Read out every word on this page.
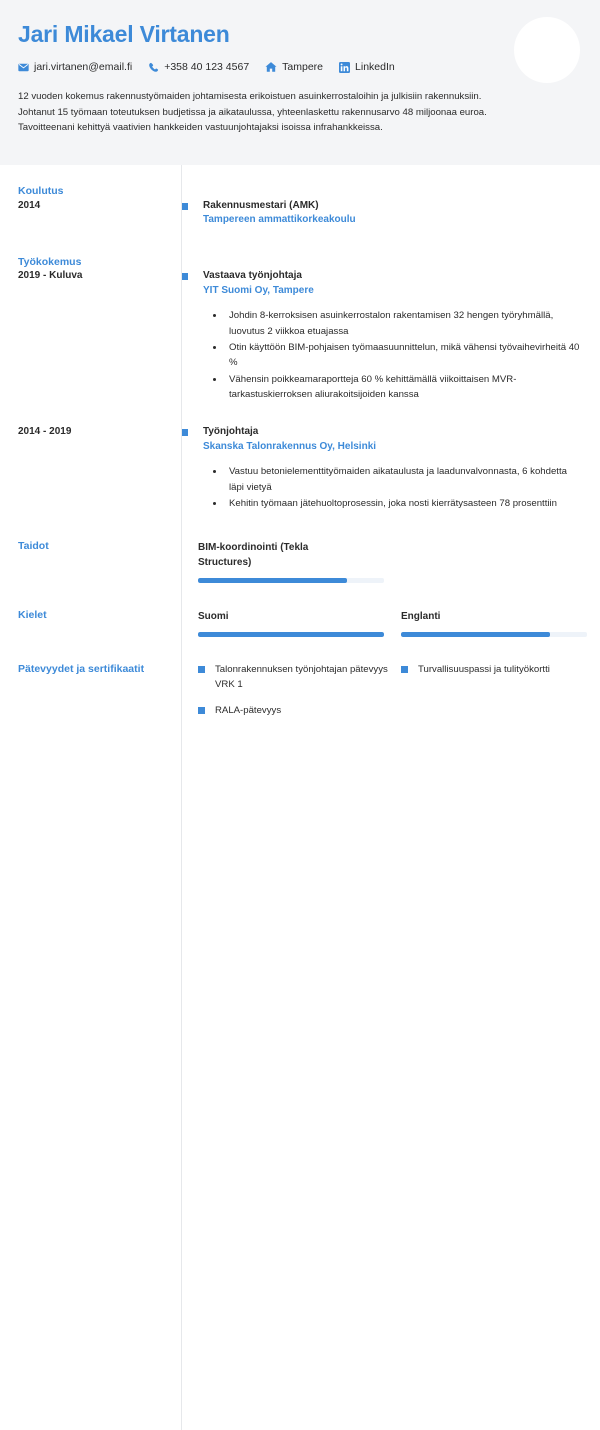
Jari Mikael Virtanen
jari.virtanen@email.fi	+358 40 123 4567	Tampere	LinkedIn
12 vuoden kokemus rakennustyömaiden johtamisesta erikoistuen asuinkerrostaloihin ja julkisiin rakennuksiin. Johtanut 15 työmaan toteutuksen budjetissa ja aikataulussa, yhteenlaskettu rakennusarvo 48 miljoonaa euroa. Tavoitteenani kehittyä vaativien hankkeiden vastuunjohtajaksi isoissa infrahankkeissa.
Koulutus
2014	Rakennusmestari (AMK)
Tampereen ammattikorkeakoulu
Työkokemus
2019 - Kuluva	Vastaava työnjohtaja
YIT Suomi Oy, Tampere
• Johdin 8-kerroksisen asuinkerrostalon rakentamisen 32 hengen työryhmällä, luovutus 2 viikkoa etuajassa
• Otin käyttöön BIM-pohjaisen työmaasuunnittelun, mikä vähensi työvaihevirheitä 40 %
• Vähensin poikkeamaraportteja 60 % kehittämällä viikoittaisen MVR-tarkastuskierroksen aliurakoitsijoiden kanssa
2014 - 2019	Työnjohtaja
Skanska Talonrakennus Oy, Helsinki
• Vastuu betonielementtityömaiden aikataulusta ja laadunvalvonnasta, 6 kohdetta läpi vietyä
• Kehitin työmaan jätehuoltoprosessin, joka nosti kierrätysasteen 78 prosenttiin
Taidot	BIM-koordinointi (Tekla Structures)
Kielet	Suomi	Englanti
Pätevyydet ja sertifikaatit	Talonrakennuksen työnjohtajan pätevyys VRK 1
RALA-pätevyys
Turvallisuuspassi ja tulityökortti
